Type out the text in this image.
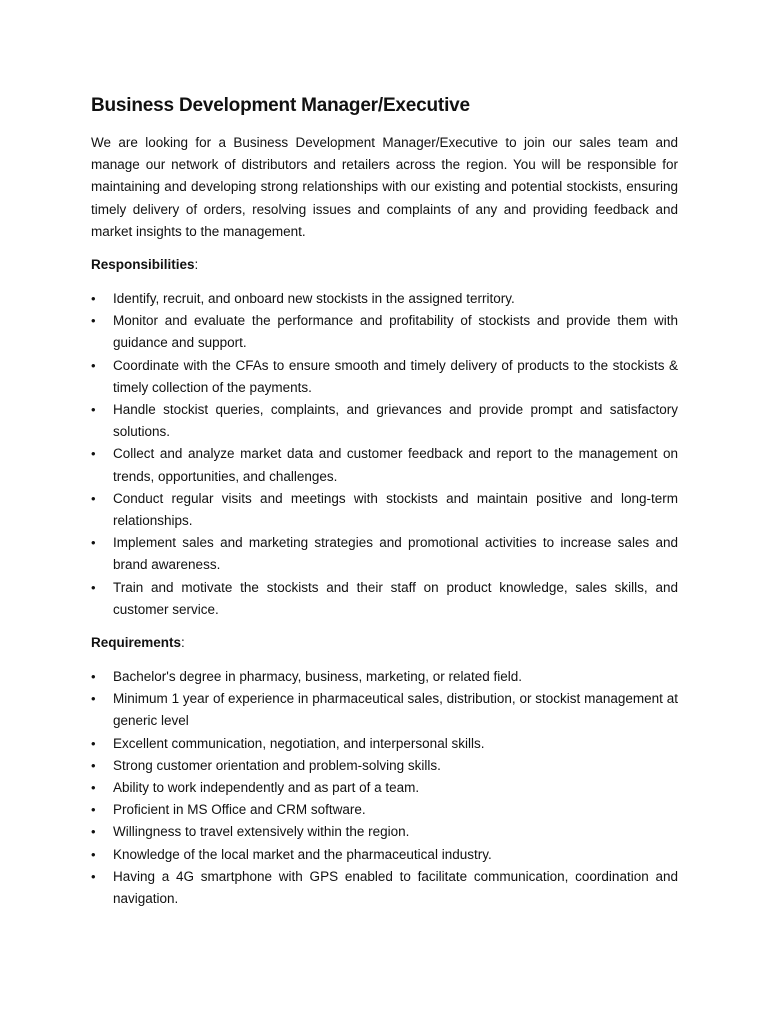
Business Development Manager/Executive

We are looking for a Business Development Manager/Executive to join our sales team and manage our network of distributors and retailers across the region. You will be responsible for maintaining and developing strong relationships with our existing and potential stockists, ensuring timely delivery of orders, resolving issues and complaints of any and providing feedback and market insights to the management.

Responsibilities:

• Identify, recruit, and onboard new stockists in the assigned territory.
• Monitor and evaluate the performance and profitability of stockists and provide them with guidance and support.
• Coordinate with the CFAs to ensure smooth and timely delivery of products to the stockists & timely collection of the payments.
• Handle stockist queries, complaints, and grievances and provide prompt and satisfactory solutions.
• Collect and analyze market data and customer feedback and report to the management on trends, opportunities, and challenges.
• Conduct regular visits and meetings with stockists and maintain positive and long-term relationships.
• Implement sales and marketing strategies and promotional activities to increase sales and brand awareness.
• Train and motivate the stockists and their staff on product knowledge, sales skills, and customer service.

Requirements:

• Bachelor's degree in pharmacy, business, marketing, or related field.
• Minimum 1 year of experience in pharmaceutical sales, distribution, or stockist management at generic level
• Excellent communication, negotiation, and interpersonal skills.
• Strong customer orientation and problem-solving skills.
• Ability to work independently and as part of a team.
• Proficient in MS Office and CRM software.
• Willingness to travel extensively within the region.
• Knowledge of the local market and the pharmaceutical industry.
• Having a 4G smartphone with GPS enabled to facilitate communication, coordination and navigation.
